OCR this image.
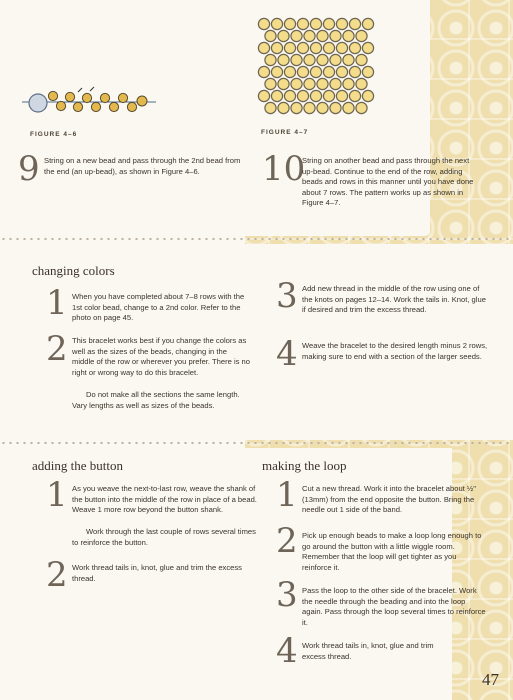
FIGURE 4–6	FIGURE 4–7
9 String on a new bead and pass through the 2nd bead from the end (an up-bead), as shown in Figure 4–6.	10
String on another bead and pass through the next up-bead. Continue to the end of the row, adding beads and rows in this manner until you have done about 7 rows. The pattern works up as shown in Figure 4–7.
changing colors
1 When you have completed about 7–8 rows with the 1st color bead, change to a 2nd color. Refer to the photo on page 45.
2 This bracelet works best if you change the colors as well as the sizes of the beads, changing in the middle of the row or wherever you prefer. There is no right or wrong way to do this bracelet.
Do not make all the sections the same length. Vary lengths as well as sizes of the beads.
3 Add new thread in the middle of the row using one of the knots on pages 12–14. Work the tails in. Knot, glue if desired and trim the excess thread.
4 Weave the bracelet to the desired length minus 2 rows, making sure to end with a section of the larger seeds.
adding the button
1 As you weave the next-to-last row, weave the shank of the button into the middle of the row in place of a bead. Weave 1 more row beyond the button shank.
Work through the last couple of rows several times to reinforce the button.
2 Work thread tails in, knot, glue and trim the excess thread.
making the loop
1 Cut a new thread. Work it into the bracelet about ½" (13mm) from the end opposite the button. Bring the needle out 1 side of the band.
2 Pick up enough beads to make a loop long enough to go around the button with a little wiggle room. Remember that the loop will get tighter as you reinforce it.
3 Pass the loop to the other side of the bracelet. Work the needle through the beading and into the loop again. Pass through the loop several times to reinforce it.
4 Work thread tails in, knot, glue and trim excess thread.
47
